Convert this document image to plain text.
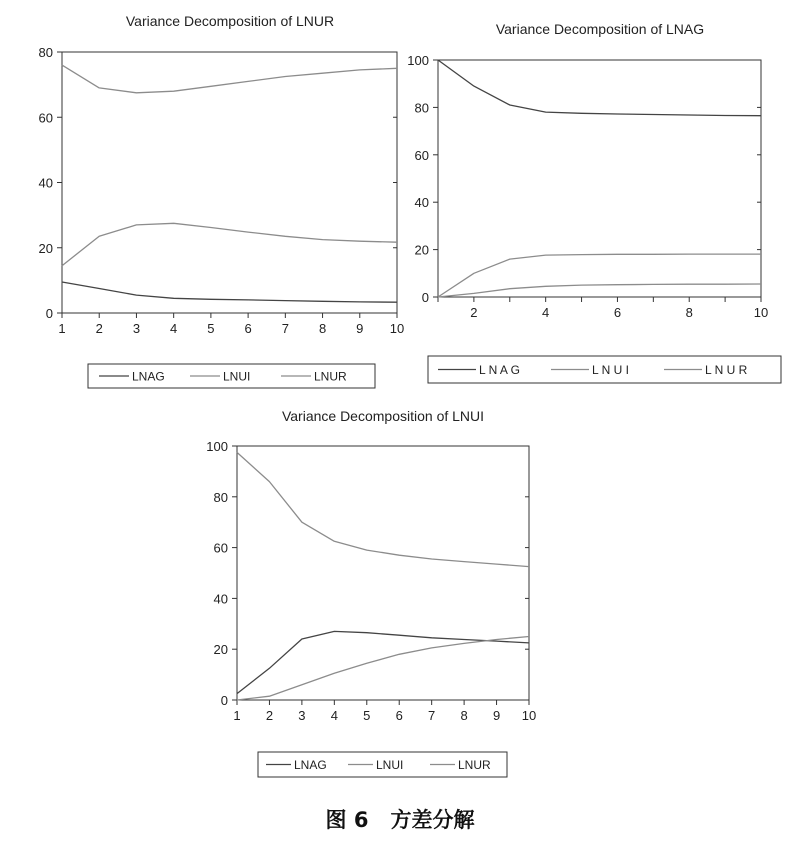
Variance Decomposition of LNUR
0
20
40
60
80
1 2 3 4 5 6 7 8 9 10
LNAG	LNUI	LNUR
Variance Decomposition of LNAG
0
20
40
60
80
100
2	4	6	8	10
L N A G	L N U I	L N U R
Variance Decomposition of LNUI
0
20
40
60
80
100
1 2 3 4 5 6 7 8 9 10
LNAG	LNUI	LNUR
图 6 方差分解
